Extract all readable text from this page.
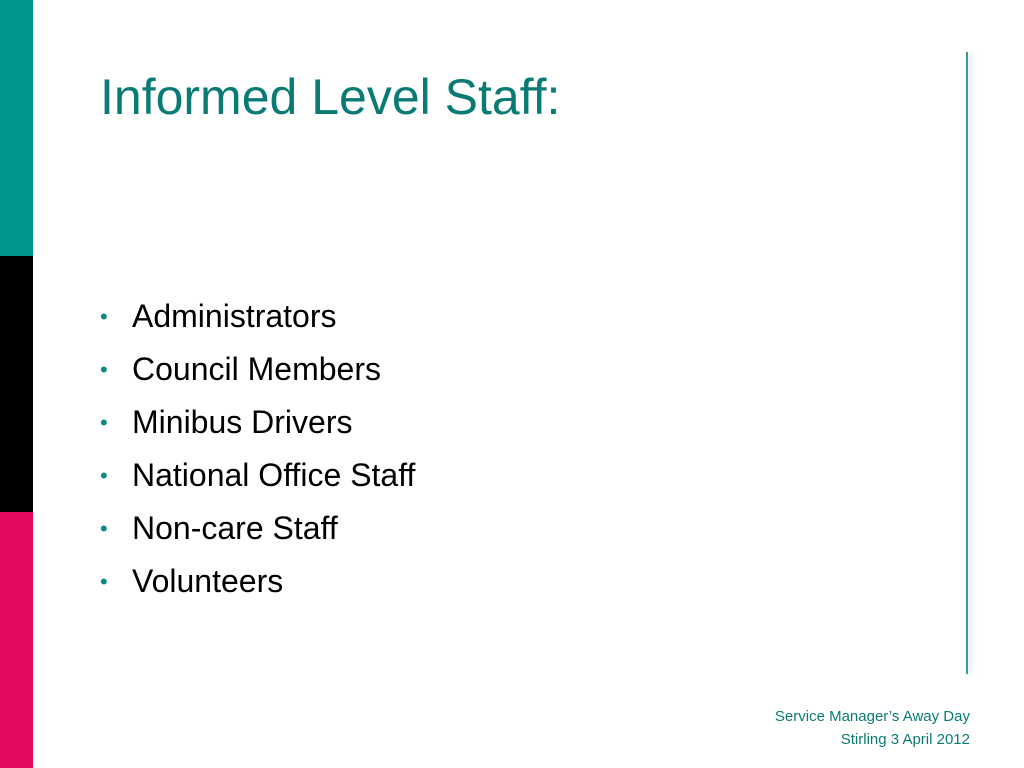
Informed Level Staff:
• Administrators
• Council Members
• Minibus Drivers
• National Office Staff
• Non-care Staff
• Volunteers
Service Manager’s Away Day
Stirling 3 April 2012
